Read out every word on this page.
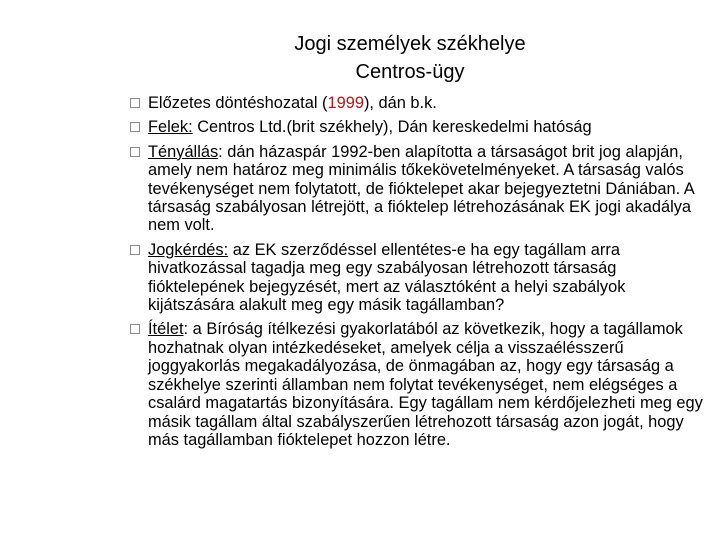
Jogi személyek székhelye
Centros-ügy
Előzetes döntéshozatal (1999), dán b.k.
Felek: Centros Ltd.(brit székhely), Dán kereskedelmi hatóság
Tényállás: dán házaspár 1992-ben alapította a társaságot brit jog alapján, amely nem határoz meg minimális tőkekövetelményeket. A társaság valós tevékenységet nem folytatott, de fióktelepet akar bejegyeztetni Dániában. A társaság szabályosan létrejött, a fióktelep létrehozásának EK jogi akadálya nem volt.
Jogkérdés: az EK szerződéssel ellentétes-e ha egy tagállam arra hivatkozással tagadja meg egy szabályosan létrehozott társaság fióktelepének bejegyzését, mert az választóként a helyi szabályok kijátszására alakult meg egy másik tagállamban?
Ítélet: a Bíróság ítélkezési gyakorlatából az következik, hogy a tagállamok hozhatnak olyan intézkedéseket, amelyek célja a visszaélésszerű joggyakorlás megakadályozása, de önmagában az, hogy egy társaság a székhelye szerinti államban nem folytat tevékenységet, nem elégséges a csalárd magatartás bizonyítására. Egy tagállam nem kérdőjelezheti meg egy másik tagállam által szabályszerűen létrehozott társaság azon jogát, hogy más tagállamban fióktelepet hozzon létre.
